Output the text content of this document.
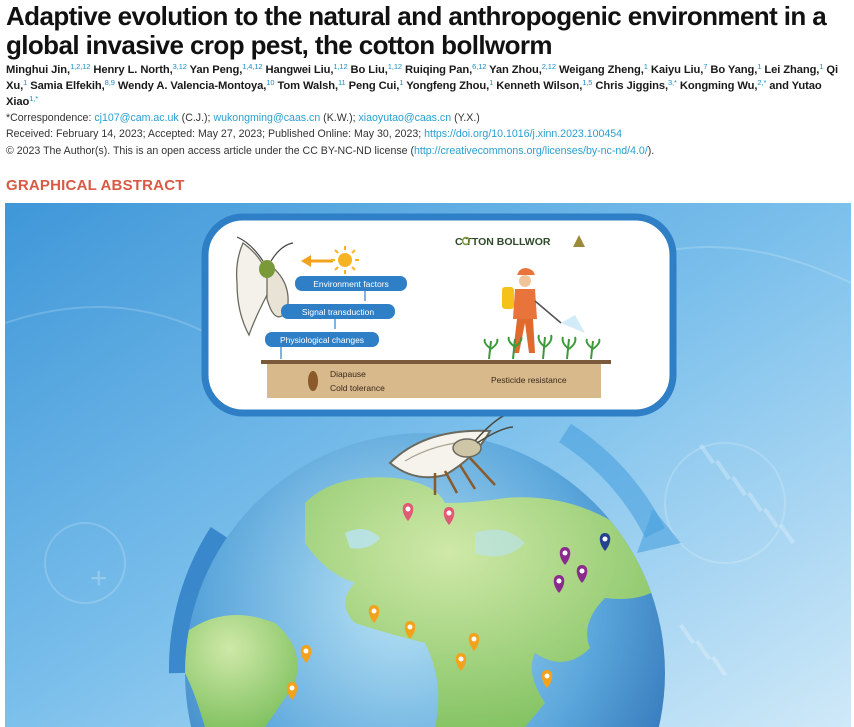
Adaptive evolution to the natural and anthropogenic environment in a global invasive crop pest, the cotton bollworm
Minghui Jin,$^{1,2,12}$ Henry L. North,$^{3,12}$ Yan Peng,$^{1,4,12}$ Hangwei Liu,$^{1,12}$ Bo Liu,$^{1,12}$ Ruiqing Pan,$^{6,12}$ Yan Zhou,$^{2,12}$ Weigang Zheng,$^1$ Kaiyu Liu,$^7$ Bo Yang,$^1$ Lei Zhang,$^1$ Qi Xu,$^1$ Samia Elfekih,$^{8,9}$ Wendy A. Valencia-Montoya,$^{10}$ Tom Walsh,$^{11}$ Peng Cui,$^1$ Yongfeng Zhou,$^1$ Kenneth Wilson,$^{1,5}$ Chris Jiggins,$^{3,*}$ Kongming Wu,$^{2,*}$ and Yutao Xiao$^{1,*}$
*Correspondence: cj107@cam.ac.uk (C.J.); wukongming@caas.cn (K.W.); xiaoyutao@caas.cn (Y.X.)
Received: February 14, 2023; Accepted: May 27, 2023; Published Online: May 30, 2023; https://doi.org/10.1016/j.xinn.2023.100454
© 2023 The Author(s). This is an open access article under the CC BY-NC-ND license (http://creativecommons.org/licenses/by-nc-nd/4.0/).
GRAPHICAL ABSTRACT
+
Environment factors
Signal transduction
Physiological changes
Diapause
Cold tolerance
Pesticide resistance
C TTON BOLLWOR
